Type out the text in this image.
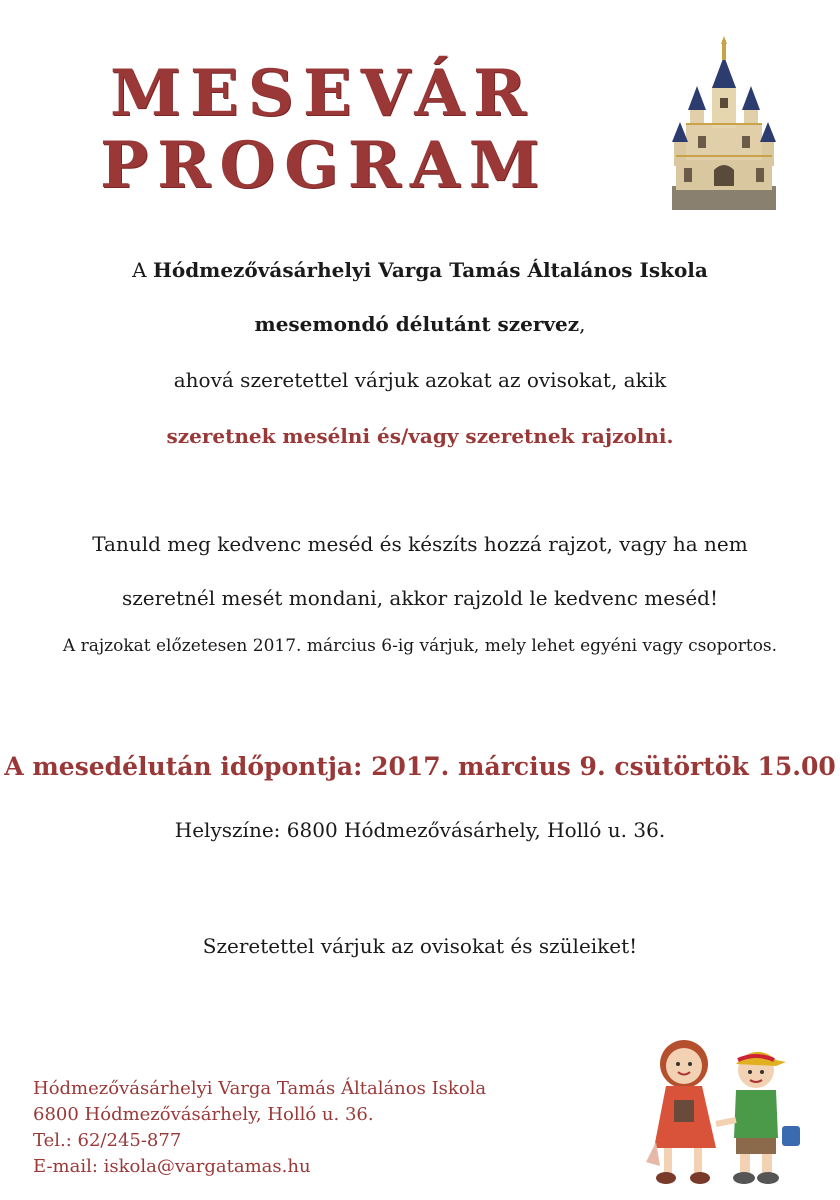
MESEVÁR
PROGRAM
A Hódmezővásárhelyi Varga Tamás Általános Iskola
mesemondó délutánt szervez,
ahová szeretettel várjuk azokat az ovisokat, akik
szeretnek mesélni és/vagy szeretnek rajzolni.
Tanuld meg kedvenc meséd és készíts hozzá rajzot, vagy ha nem
szeretnél mesét mondani, akkor rajzold le kedvenc meséd!
A rajzokat előzetesen 2017. március 6-ig várjuk, mely lehet egyéni vagy csoportos.
A mesedélután időpontja: 2017. március 9. csütörtök 15.00
Helyszíne: 6800 Hódmezővásárhely, Holló u. 36.
Szeretettel várjuk az ovisokat és szüleiket!
Hódmezővásárhelyi Varga Tamás Általános Iskola
6800 Hódmezővásárhely, Holló u. 36.
Tel.: 62/245-877
E-mail: iskola@vargatamas.hu
